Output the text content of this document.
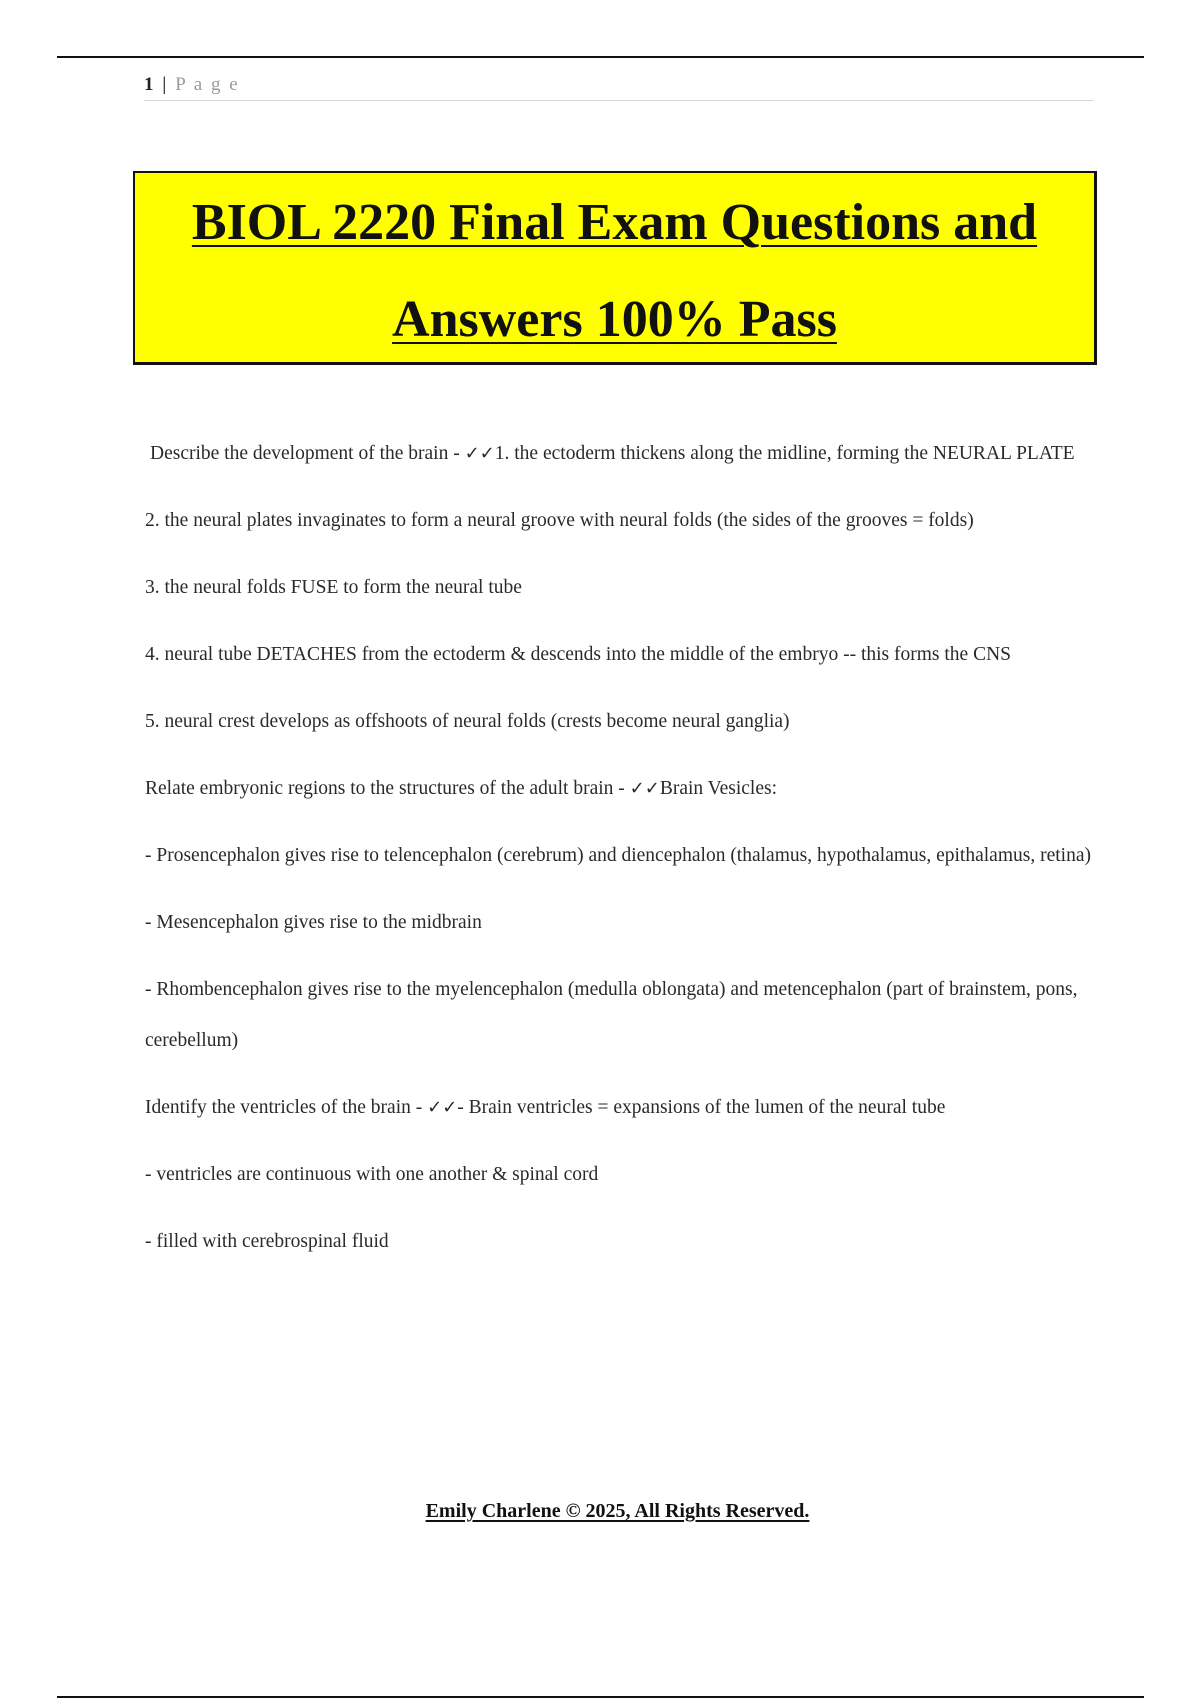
1 | P a g e
BIOL 2220 Final Exam Questions and
Answers 100% Pass

Describe the development of the brain - ✓✓1. the ectoderm thickens along the midline, forming the NEURAL PLATE

2. the neural plates invaginates to form a neural groove with neural folds (the sides of the grooves = folds)

3. the neural folds FUSE to form the neural tube

4. neural tube DETACHES from the ectoderm & descends into the middle of the embryo -- this forms the CNS

5. neural crest develops as offshoots of neural folds (crests become neural ganglia)

Relate embryonic regions to the structures of the adult brain - ✓✓Brain Vesicles:

- Prosencephalon gives rise to telencephalon (cerebrum) and diencephalon (thalamus, hypothalamus, epithalamus, retina)

- Mesencephalon gives rise to the midbrain

- Rhombencephalon gives rise to the myelencephalon (medulla oblongata) and metencephalon (part of brainstem, pons, cerebellum)

Identify the ventricles of the brain - ✓✓- Brain ventricles = expansions of the lumen of the neural tube

- ventricles are continuous with one another & spinal cord

- filled with cerebrospinal fluid

Emily Charlene © 2025, All Rights Reserved.
